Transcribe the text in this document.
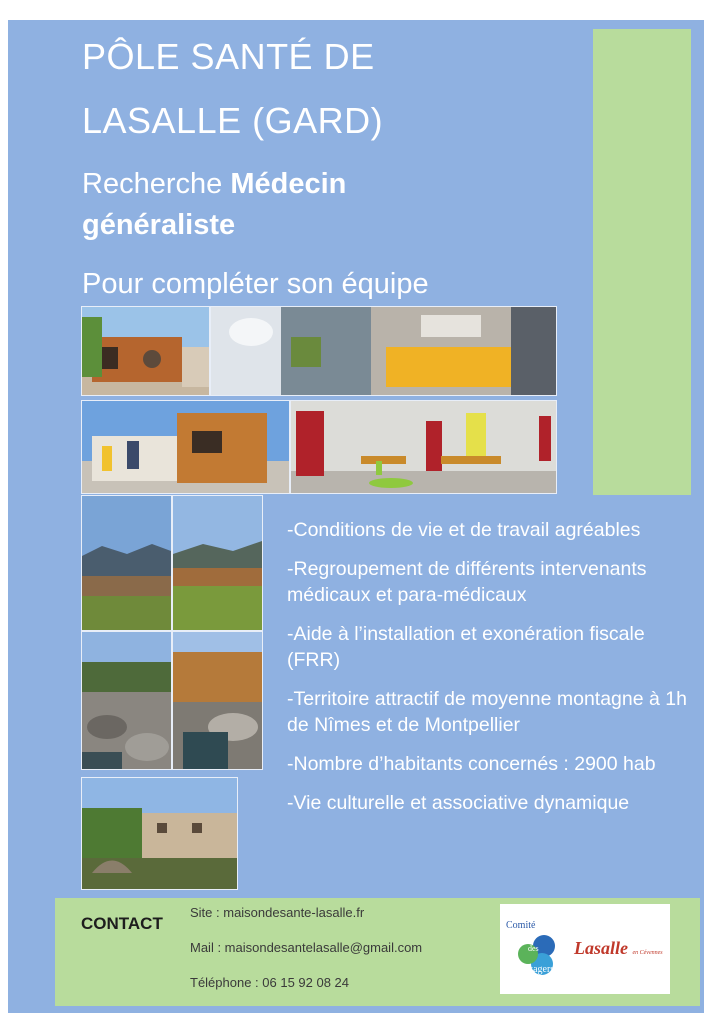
PÔLE SANTÉ DE
LASALLE (GARD)
Recherche Médecin
généraliste
Pour compléter son équipe
-Conditions de vie et de travail agréables
-Regroupement de différents intervenants médicaux et para-médicaux
-Aide à l’installation et exonération fiscale (FRR)
-Territoire attractif de moyenne montagne à 1h de Nîmes et de Montpellier
-Nombre d’habitants concernés : 2900 hab
-Vie culturelle et associative dynamique
CONTACT
Site : maisondesante-lasalle.fr
Mail : maisondesantelasalle@gmail.com
Téléphone : 06 15 92 08 24
Comité
des
Usagers
Lasalle en Cévennes
